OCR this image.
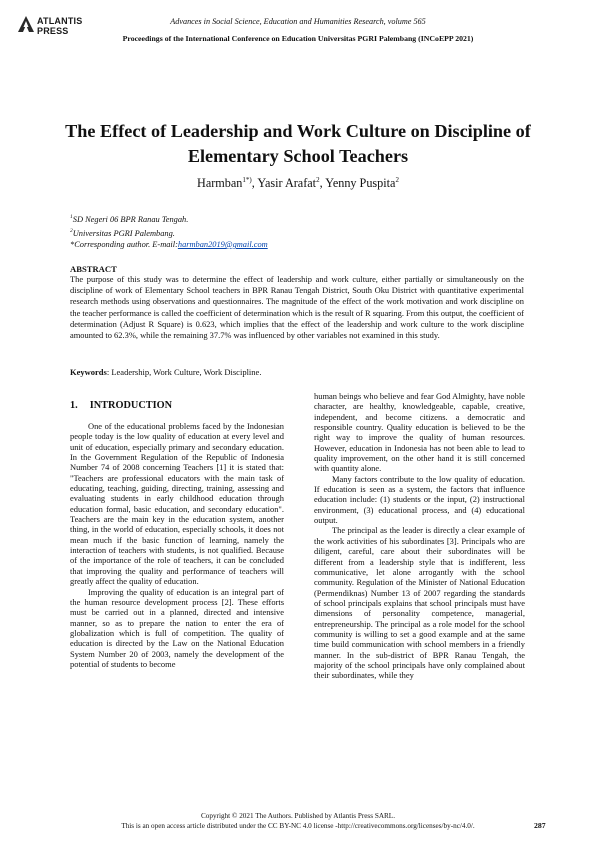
ATLANTIS
PRESS
Advances in Social Science, Education and Humanities Research, volume 565
Proceedings of the International Conference on Education Universitas PGRI Palembang (INCoEPP 2021)
The Effect of Leadership and Work Culture on Discipline of Elementary School Teachers
Harmban$^{1*)}$, Yasir Arafat$^2$, Yenny Puspita$^2$
$^1$SD Negeri 06 BPR Ranau Tengah.
$^2$Universitas PGRI Palembang.
*Corresponding author. E-mail:harmban2019@gmail.com
ABSTRACT
The purpose of this study was to determine the effect of leadership and work culture, either partially or simultaneously on the discipline of work of Elementary School teachers in BPR Ranau Tengah District, South Oku District with quantitative experimental research methods using observations and questionnaires. The magnitude of the effect of the work motivation and work discipline on the teacher performance is called the coefficient of determination which is the result of R squaring. From this output, the coefficient of determination (Adjust R Square) is 0.623, which implies that the effect of the leadership and work culture to the work discipline amounted to 62.3%, while the remaining 37.7% was influenced by other variables not examined in this study.
Keywords: Leadership, Work Culture, Work Discipline.
1. INTRODUCTION

One of the educational problems faced by the Indonesian people today is the low quality of education at every level and unit of education, especially primary and secondary education. In the Government Regulation of the Republic of Indonesia Number 74 of 2008 concerning Teachers [1] it is stated that: "Teachers are professional educators with the main task of educating, teaching, guiding, directing, training, assessing and evaluating students in early childhood education through education formal, basic education, and secondary education". Teachers are the main key in the education system, another thing, in the world of education, especially schools, it does not mean much if the basic function of learning, namely the interaction of teachers with students, is not qualified. Because of the importance of the role of teachers, it can be concluded that improving the quality and performance of teachers will greatly affect the quality of education.

Improving the quality of education is an integral part of the human resource development process [2]. These efforts must be carried out in a planned, directed and intensive manner, so as to prepare the nation to enter the era of globalization which is full of competition. The quality of education is directed by the Law on the National Education System Number 20 of 2003, namely the development of the potential of students to become

human beings who believe and fear God Almighty, have noble character, are healthy, knowledgeable, capable, creative, independent, and become citizens. a democratic and responsible country. Quality education is believed to be the right way to improve the quality of human resources. However, education in Indonesia has not been able to lead to quality improvement, on the other hand it is still concerned with quantity alone.

Many factors contribute to the low quality of education. If education is seen as a system, the factors that influence education include: (1) students or the input, (2) instructional environment, (3) educational process, and (4) educational output.

The principal as the leader is directly a clear example of the work activities of his subordinates [3]. Principals who are diligent, careful, care about their subordinates will be different from a leadership style that is indifferent, less communicative, let alone arrogantly with the school community. Regulation of the Minister of National Education (Permendiknas) Number 13 of 2007 regarding the standards of school principals explains that school principals must have dimensions of personality competence, managerial, entrepreneurship. The principal as a role model for the school community is willing to set a good example and at the same time build communication with school members in a friendly manner. In the sub-district of BPR Ranau Tengah, the majority of the school principals have only complained about their subordinates, while they

Copyright © 2021 The Authors. Published by Atlantis Press SARL.
This is an open access article distributed under the CC BY-NC 4.0 license -http://creativecommons.org/licenses/by-nc/4.0/.	287
